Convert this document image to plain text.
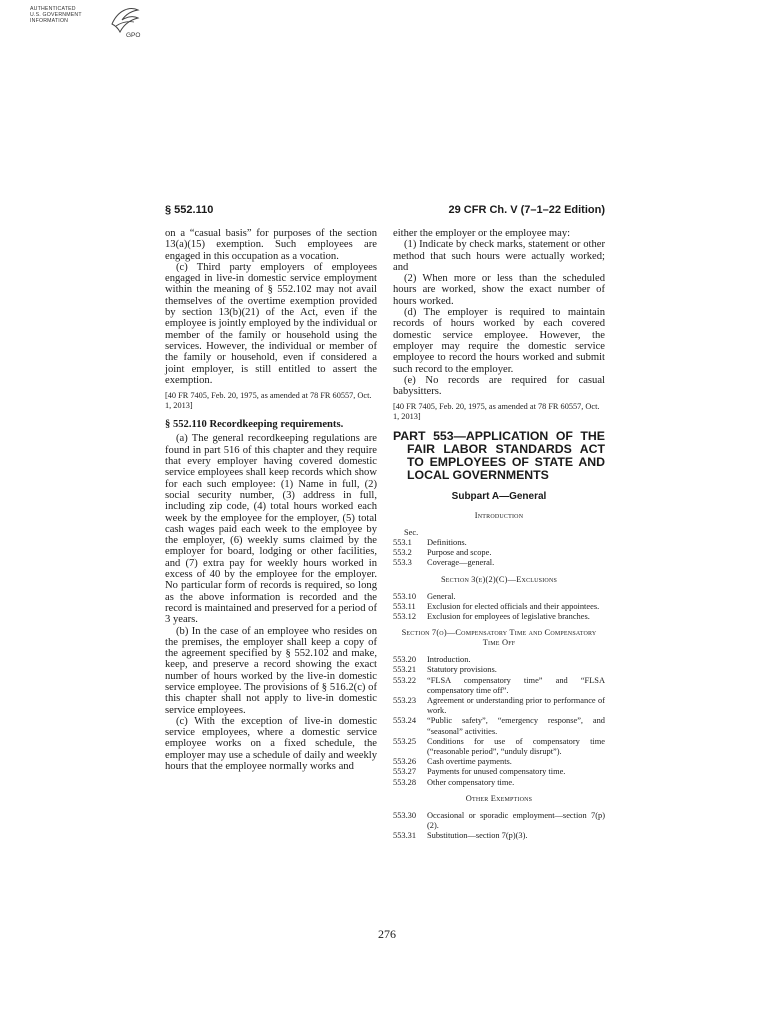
AUTHENTICATED
U.S. GOVERNMENT
INFORMATION
GPO
§ 552.110	29 CFR Ch. V (7–1–22 Edition)

on a “casual basis” for purposes of the section 13(a)(15) exemption. Such employees are engaged in this occupation as a vocation.

(c) Third party employers of employees engaged in live-in domestic service employment within the meaning of § 552.102 may not avail themselves of the overtime exemption provided by section 13(b)(21) of the Act, even if the employee is jointly employed by the individual or member of the family or household using the services. However, the individual or member of the family or household, even if considered a joint employer, is still entitled to assert the exemption.

[40 FR 7405, Feb. 20, 1975, as amended at 78 FR 60557, Oct. 1, 2013]

§ 552.110 Recordkeeping requirements.

(a) The general recordkeeping regulations are found in part 516 of this chapter and they require that every employer having covered domestic service employees shall keep records which show for each such employee: (1) Name in full, (2) social security number, (3) address in full, including zip code, (4) total hours worked each week by the employee for the employer, (5) total cash wages paid each week to the employee by the employer, (6) weekly sums claimed by the employer for board, lodging or other facilities, and (7) extra pay for weekly hours worked in excess of 40 by the employee for the employer. No particular form of records is required, so long as the above information is recorded and the record is maintained and preserved for a period of 3 years.

(b) In the case of an employee who resides on the premises, the employer shall keep a copy of the agreement specified by § 552.102 and make, keep, and preserve a record showing the exact number of hours worked by the live-in domestic service employee. The provisions of § 516.2(c) of this chapter shall not apply to live-in domestic service employees.

(c) With the exception of live-in domestic service employees, where a domestic service employee works on a fixed schedule, the employer may use a schedule of daily and weekly hours that the employee normally works and

either the employer or the employee may:

(1) Indicate by check marks, statement or other method that such hours were actually worked; and

(2) When more or less than the scheduled hours are worked, show the exact number of hours worked.

(d) The employer is required to maintain records of hours worked by each covered domestic service employee. However, the employer may require the domestic service employee to record the hours worked and submit such record to the employer.

(e) No records are required for casual babysitters.

[40 FR 7405, Feb. 20, 1975, as amended at 78 FR 60557, Oct. 1, 2013]

PART 553—APPLICATION OF THE FAIR LABOR STANDARDS ACT TO EMPLOYEES OF STATE AND LOCAL GOVERNMENTS
Subpart A—General
Introduction

Sec.

553.1 Definitions.

553.2 Purpose and scope.

553.3 Coverage—general.

Section 3(e)(2)(C)—Exclusions

553.10 General.

553.11 Exclusion for elected officials and their appointees.

553.12 Exclusion for employees of legislative branches.

Section 7(o)—Compensatory Time and Compensatory Time Off

553.20 Introduction.

553.21 Statutory provisions.

553.22 “FLSA compensatory time” and “FLSA compensatory time off”.

553.23 Agreement or understanding prior to performance of work.

553.24 “Public safety”, “emergency response”, and “seasonal” activities.

553.25 Conditions for use of compensatory time (“reasonable period”, “unduly disrupt”).

553.26 Cash overtime payments.

553.27 Payments for unused compensatory time.

553.28 Other compensatory time.

Other Exemptions

553.30 Occasional or sporadic employment—section 7(p)(2).

553.31 Substitution—section 7(p)(3).

276
